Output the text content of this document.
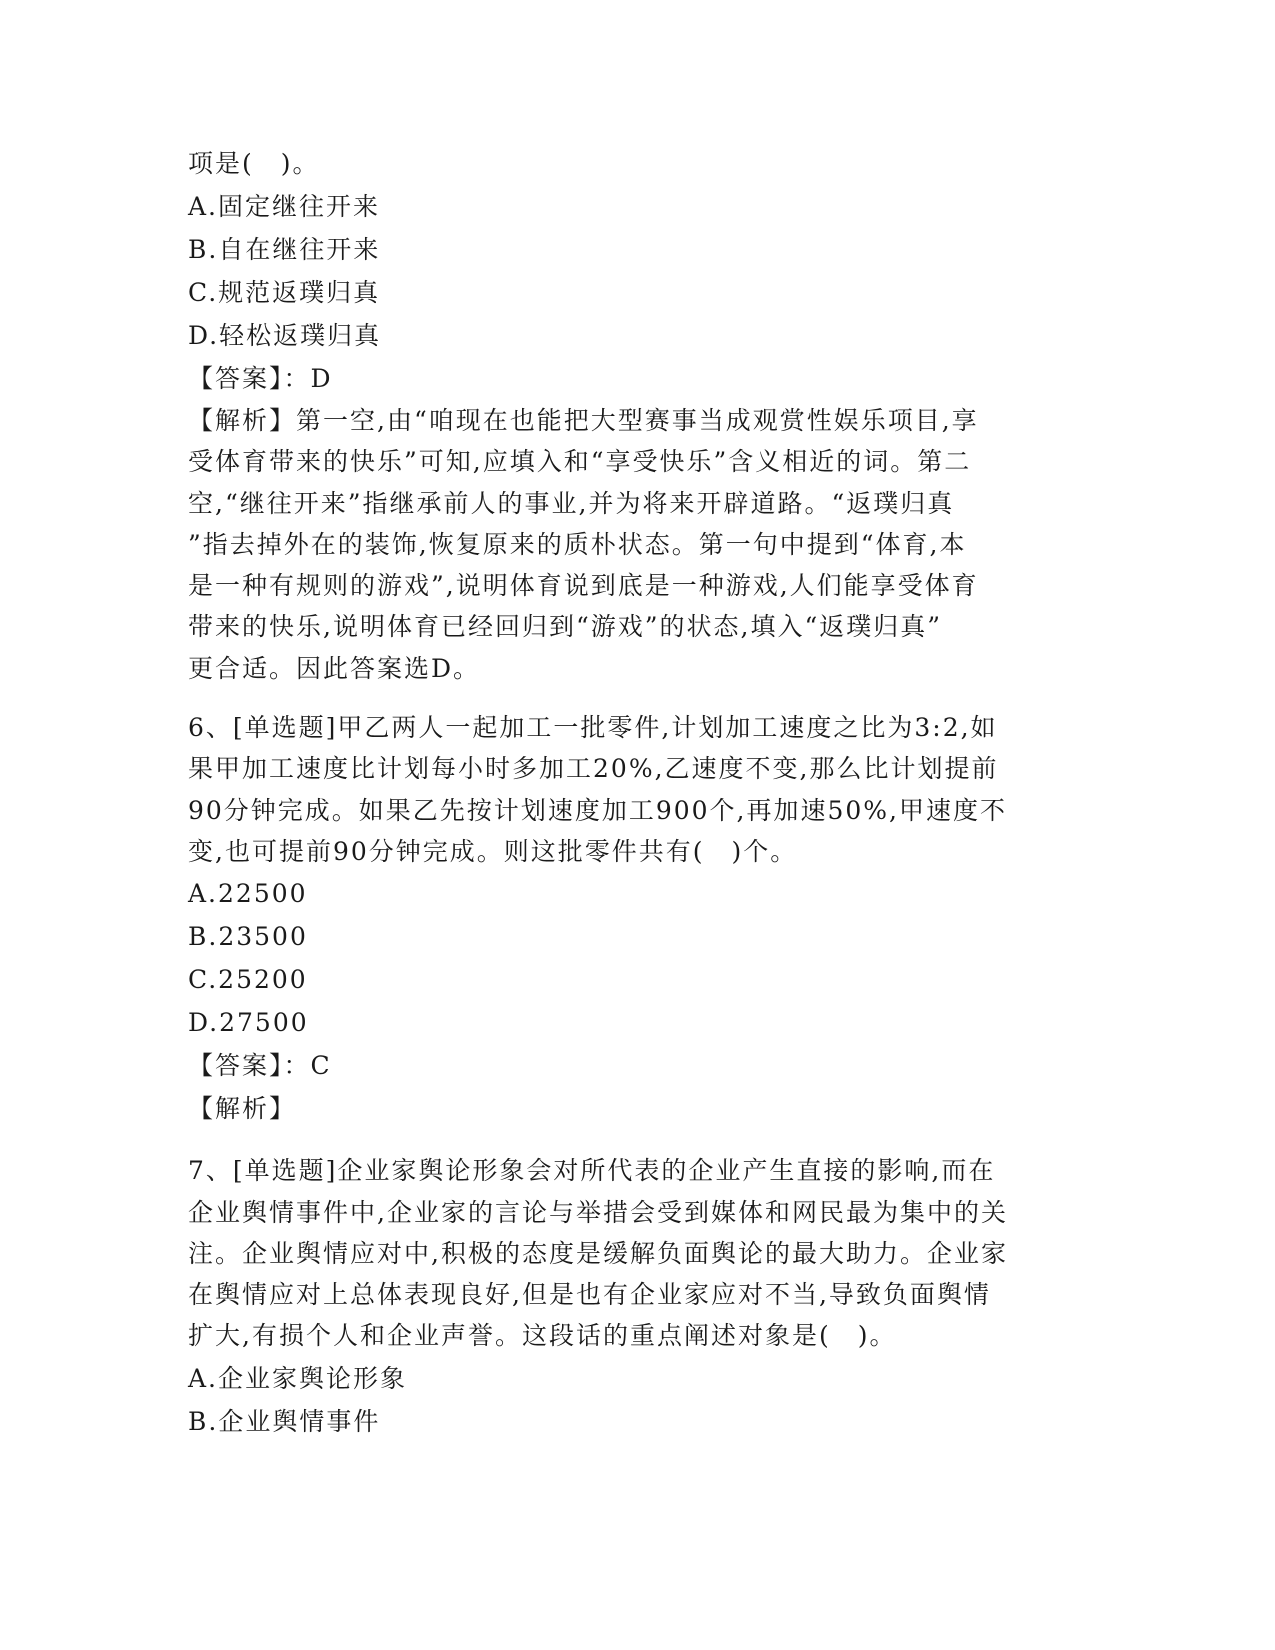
项是(　)。
A.固定继往开来
B.自在继往开来
C.规范返璞归真
D.轻松返璞归真
【答案】：D

【解析】第一空,由“咱现在也能把大型赛事当成观赏性娱乐项目,享

受体育带来的快乐”可知,应填入和“享受快乐”含义相近的词。第二

空,“继往开来”指继承前人的事业,并为将来开辟道路。“返璞归真

”指去掉外在的装饰,恢复原来的质朴状态。第一句中提到“体育,本

是一种有规则的游戏”,说明体育说到底是一种游戏,人们能享受体育

带来的快乐,说明体育已经回归到“游戏”的状态,填入“返璞归真”

更合适。因此答案选D。

6、[单选题]甲乙两人一起加工一批零件,计划加工速度之比为3:2,如

果甲加工速度比计划每小时多加工20%,乙速度不变,那么比计划提前

90分钟完成。如果乙先按计划速度加工900个,再加速50%,甲速度不

变,也可提前90分钟完成。则这批零件共有(　)个。

A.22500
B.23500
C.25200
D.27500
【答案】：C
【解析】

7、[单选题]企业家舆论形象会对所代表的企业产生直接的影响,而在

企业舆情事件中,企业家的言论与举措会受到媒体和网民最为集中的关

注。企业舆情应对中,积极的态度是缓解负面舆论的最大助力。企业家

在舆情应对上总体表现良好,但是也有企业家应对不当,导致负面舆情

扩大,有损个人和企业声誉。这段话的重点阐述对象是(　)。

A.企业家舆论形象
B.企业舆情事件
